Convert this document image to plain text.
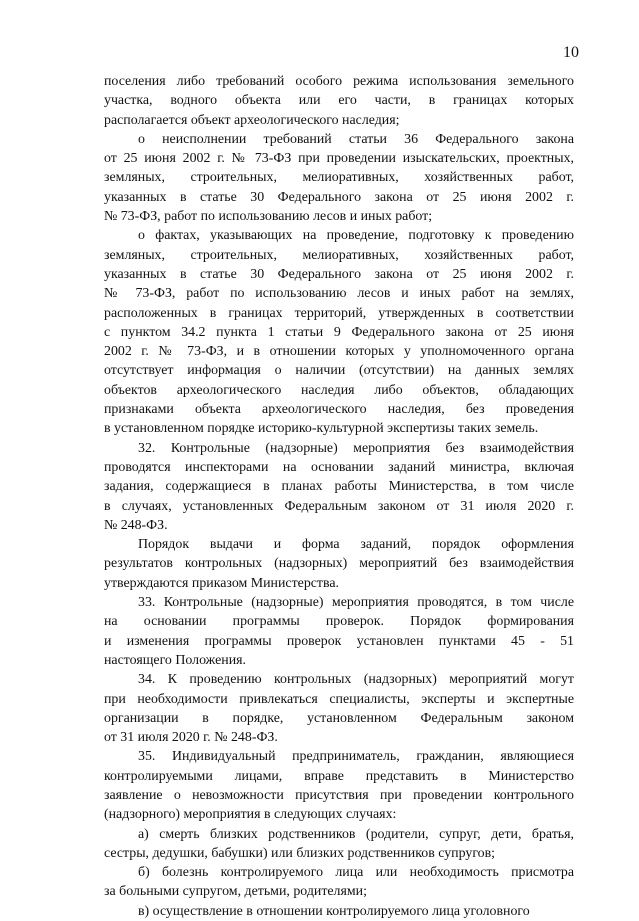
10
поселения либо требований особого режима использования земельного
участка, водного объекта или его части, в границах которых
располагается объект археологического наследия;
о неисполнении требований статьи 36 Федерального закона
от 25 июня 2002 г. № 73-ФЗ при проведении изыскательских, проектных,
земляных, строительных, мелиоративных, хозяйственных работ,
указанных в статье 30 Федерального закона от 25 июня 2002 г.
№ 73-ФЗ, работ по использованию лесов и иных работ;
о фактах, указывающих на проведение, подготовку к проведению
земляных, строительных, мелиоративных, хозяйственных работ,
указанных в статье 30 Федерального закона от 25 июня 2002 г.
№ 73-ФЗ, работ по использованию лесов и иных работ на землях,
расположенных в границах территорий, утвержденных в соответствии
с пунктом 34.2 пункта 1 статьи 9 Федерального закона от 25 июня
2002 г. № 73-ФЗ, и в отношении которых у уполномоченного органа
отсутствует информация о наличии (отсутствии) на данных землях
объектов археологического наследия либо объектов, обладающих
признаками объекта археологического наследия, без проведения
в установленном порядке историко-культурной экспертизы таких земель.
32. Контрольные (надзорные) мероприятия без взаимодействия
проводятся инспекторами на основании заданий министра, включая
задания, содержащиеся в планах работы Министерства, в том числе
в случаях, установленных Федеральным законом от 31 июля 2020 г.
№ 248-ФЗ.
Порядок выдачи и форма заданий, порядок оформления
результатов контрольных (надзорных) мероприятий без взаимодействия
утверждаются приказом Министерства.
33. Контрольные (надзорные) мероприятия проводятся, в том числе
на основании программы проверок. Порядок формирования
и изменения программы проверок установлен пунктами 45 - 51
настоящего Положения.
34. К проведению контрольных (надзорных) мероприятий могут
при необходимости привлекаться специалисты, эксперты и экспертные
организации в порядке, установленном Федеральным законом
от 31 июля 2020 г. № 248-ФЗ.
35. Индивидуальный предприниматель, гражданин, являющиеся
контролируемыми лицами, вправе представить в Министерство
заявление о невозможности присутствия при проведении контрольного
(надзорного) мероприятия в следующих случаях:
а) смерть близких родственников (родители, супруг, дети, братья,
сестры, дедушки, бабушки) или близких родственников супругов;
б) болезнь контролируемого лица или необходимость присмотра
за больными супругом, детьми, родителями;
в) осуществление в отношении контролируемого лица уголовного
